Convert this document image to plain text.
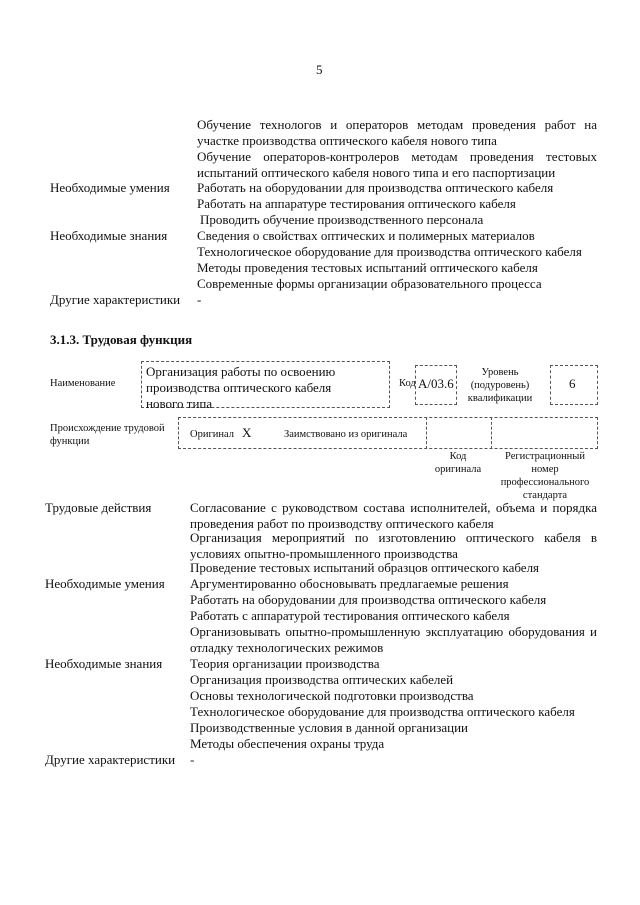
5
Обучение технологов и операторов методам проведения работ на участке производства оптического кабеля нового типа
Обучение операторов-контролеров методам проведения тестовых испытаний оптического кабеля нового типа и его паспортизации
Необходимые умения Работать на оборудовании для производства оптического кабеля
Работать на аппаратуре тестирования оптического кабеля
Проводить обучение производственного персонала
Необходимые знания Сведения о свойствах оптических и полимерных материалов
Технологическое оборудование для производства оптического кабеля
Методы проведения тестовых испытаний оптического кабеля
Современные формы организации образовательного процесса
Другие характеристики -
3.1.3. Трудовая функция
Наименование
Организация работы по освоению производства оптического кабеля нового типа
Код A/03.6
Уровень (подуровень) квалификации
6
Происхождение трудовой функции
Оригинал X	Заимствовано из оригинала
Код оригинала
Регистрационный номер профессионального стандарта
Трудовые действия	Согласование с руководством состава исполнителей, объема и порядка проведения работ по производству оптического кабеля
Организация мероприятий по изготовлению оптического кабеля в условиях опытно-промышленного производства
Проведение тестовых испытаний образцов оптического кабеля
Необходимые умения Аргументированно обосновывать предлагаемые решения
Работать на оборудовании для производства оптического кабеля
Работать с аппаратурой тестирования оптического кабеля
Организовывать опытно-промышленную эксплуатацию оборудования и отладку технологических режимов
Необходимые знания Теория организации производства
Организация производства оптических кабелей
Основы технологической подготовки производства
Технологическое оборудование для производства оптического кабеля
Производственные условия в данной организации
Методы обеспечения охраны труда
Другие характеристики -
